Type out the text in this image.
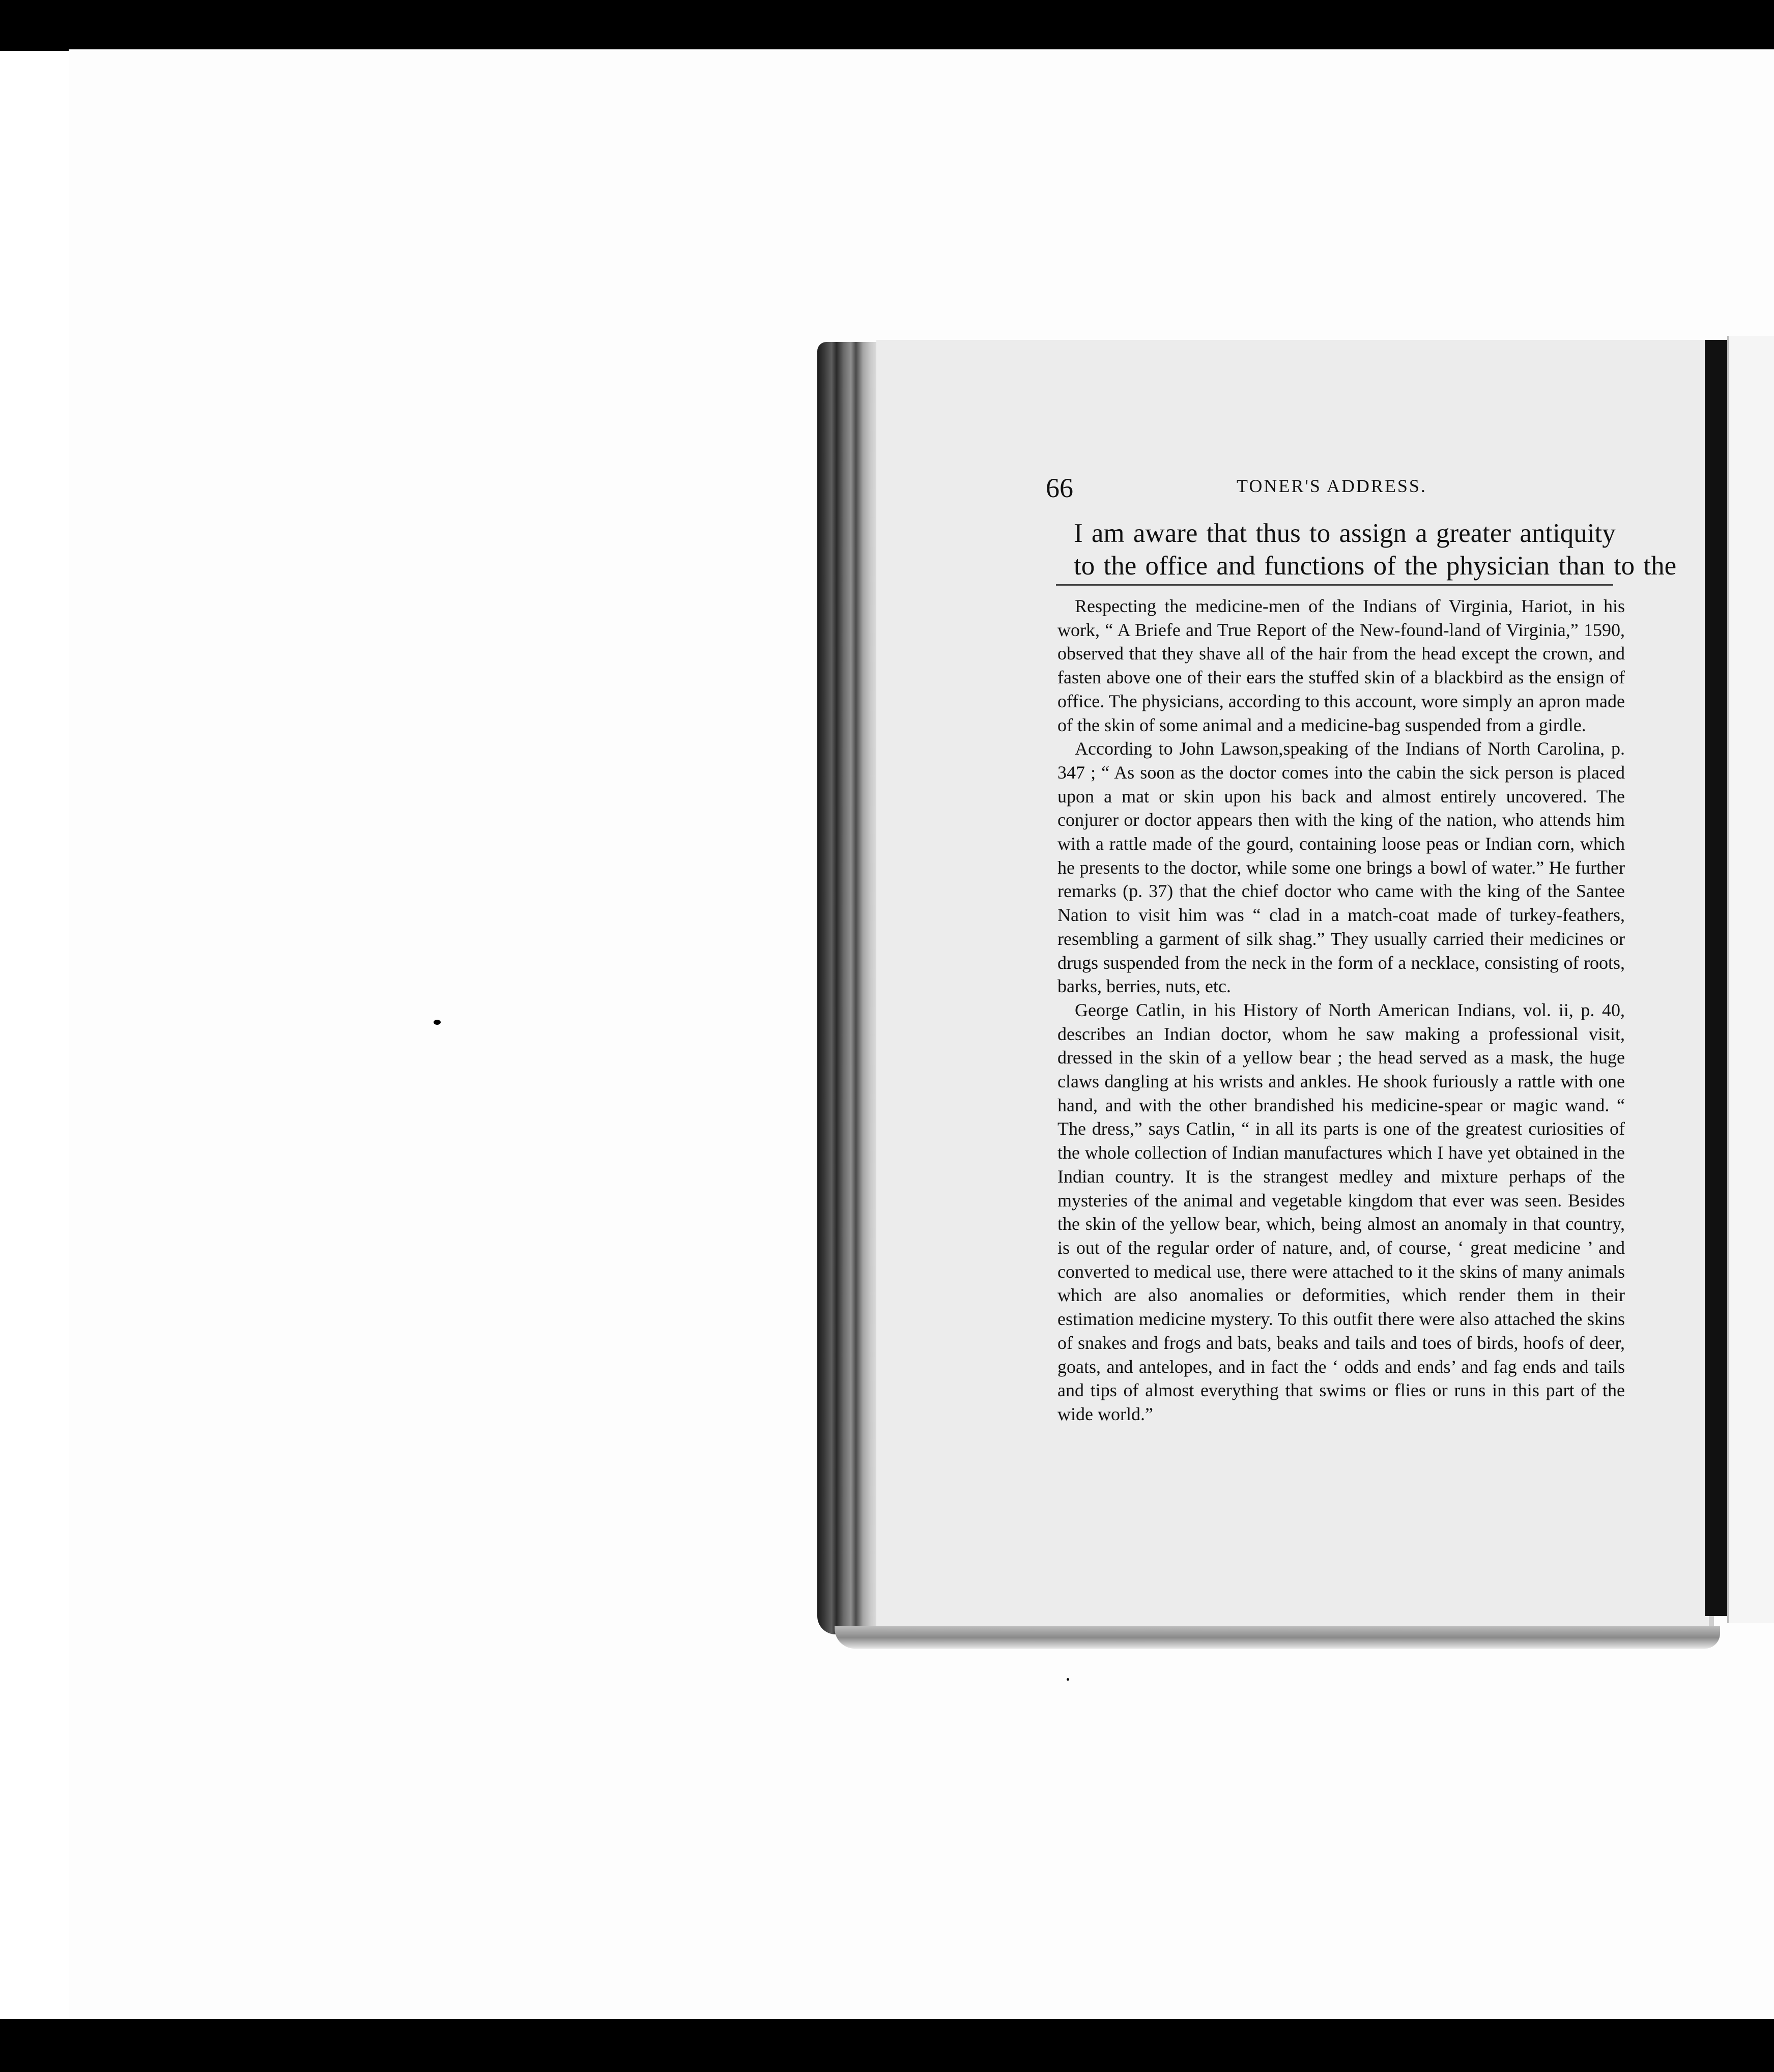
66	TONER'S ADDRESS.
I am aware that thus to assign a greater antiquity
to the office and functions of the physician than to the

Respecting the medicine-men of the Indians of Virginia, Hariot, in his work, “ A Briefe and True Report of the New-found-land of Virginia,” 1590, observed that they shave all of the hair from the head except the crown, and fasten above one of their ears the stuffed skin of a blackbird as the ensign of office. The physicians, according to this account, wore simply an apron made of the skin of some animal and a medicine-bag suspended from a girdle.

According to John Lawson,speaking of the Indians of North Carolina, p. 347 ; “ As soon as the doctor comes into the cabin the sick person is placed upon a mat or skin upon his back and almost entirely uncovered. The conjurer or doctor appears then with the king of the nation, who attends him with a rattle made of the gourd, containing loose peas or Indian corn, which he presents to the doctor, while some one brings a bowl of water.” He further remarks (p. 37) that the chief doctor who came with the king of the Santee Nation to visit him was “ clad in a match-coat made of turkey-feathers, resembling a garment of silk shag.” They usually carried their medicines or drugs suspended from the neck in the form of a necklace, consisting of roots, barks, berries, nuts, etc.

George Catlin, in his History of North American Indians, vol. ii, p. 40, describes an Indian doctor, whom he saw making a professional visit, dressed in the skin of a yellow bear ; the head served as a mask, the huge claws dangling at his wrists and ankles. He shook furiously a rattle with one hand, and with the other brandished his medicine-spear or magic wand. “ The dress,” says Catlin, “ in all its parts is one of the greatest curiosities of the whole collection of Indian manufactures which I have yet obtained in the Indian country. It is the strangest medley and mixture perhaps of the mysteries of the animal and vegetable kingdom that ever was seen. Besides the skin of the yellow bear, which, being almost an anomaly in that country, is out of the regular order of nature, and, of course, ‘ great medicine ’ and converted to medical use, there were attached to it the skins of many animals which are also anomalies or deformities, which render them in their estimation medicine mystery. To this outfit there were also attached the skins of snakes and frogs and bats, beaks and tails and toes of birds, hoofs of deer, goats, and antelopes, and in fact the ‘ odds and ends’ and fag ends and tails and tips of almost everything that swims or flies or runs in this part of the wide world.”
